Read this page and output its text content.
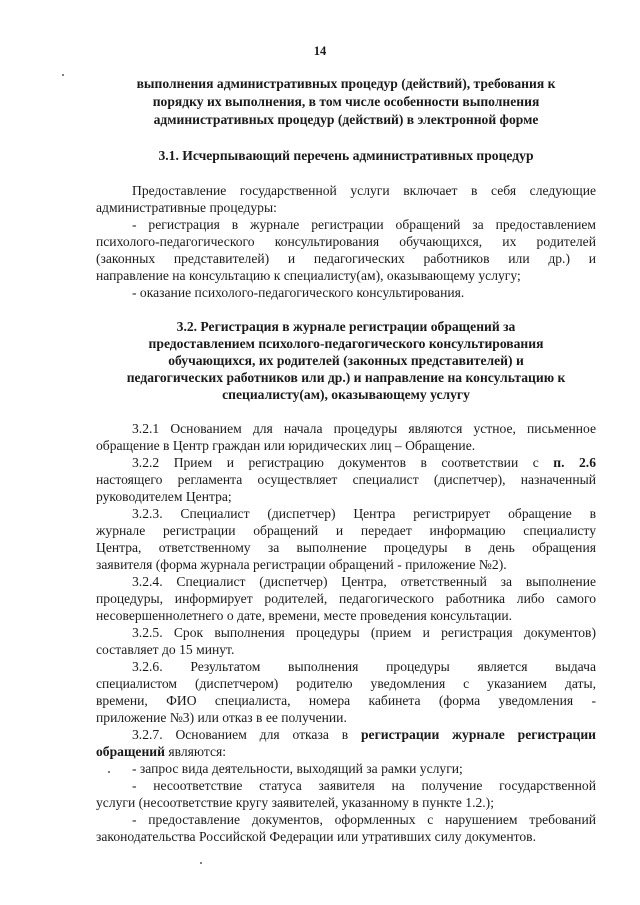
14
выполнения административных процедур (действий), требования к
порядку их выполнения, в том числе особенности выполнения
административных процедур (действий) в электронной форме
3.1. Исчерпывающий перечень административных процедур
Предоставление государственной услуги включает в себя следующие
административные процедуры:
- регистрация в журнале регистрации обращений за предоставлением
психолого-педагогического консультирования обучающихся, их родителей
(законных представителей) и педагогических работников или др.) и
направление на консультацию к специалисту(ам), оказывающему услугу;
- оказание психолого-педагогического консультирования.
3.2. Регистрация в журнале регистрации обращений за
предоставлением психолого-педагогического консультирования
обучающихся, их родителей (законных представителей) и
педагогических работников или др.) и направление на консультацию к
специалисту(ам), оказывающему услугу
3.2.1 Основанием для начала процедуры являются устное, письменное
обращение в Центр граждан или юридических лиц – Обращение.
3.2.2 Прием и регистрацию документов в соответствии с п. 2.6
настоящего регламента осуществляет специалист (диспетчер), назначенный
руководителем Центра;
3.2.3. Специалист (диспетчер) Центра регистрирует обращение в
журнале регистрации обращений и передает информацию специалисту
Центра, ответственному за выполнение процедуры в день обращения
заявителя (форма журнала регистрации обращений - приложение №2).
3.2.4. Специалист (диспетчер) Центра, ответственный за выполнение
процедуры, информирует родителей, педагогического работника либо самого
несовершеннолетнего о дате, времени, месте проведения консультации.
3.2.5. Срок выполнения процедуры (прием и регистрация документов)
составляет до 15 минут.
3.2.6. Результатом выполнения процедуры является выдача
специалистом (диспетчером) родителю уведомления с указанием даты,
времени, ФИО специалиста, номера кабинета (форма уведомления -
приложение №3) или отказ в ее получении.
3.2.7. Основанием для отказа в регистрации журнале регистрации
обращений являются:
- запрос вида деятельности, выходящий за рамки услуги;
- несоответствие статуса заявителя на получение государственной
услуги (несоответствие кругу заявителей, указанному в пункте 1.2.);
- предоставление документов, оформленных с нарушением требований
законодательства Российской Федерации или утративших силу документов.
